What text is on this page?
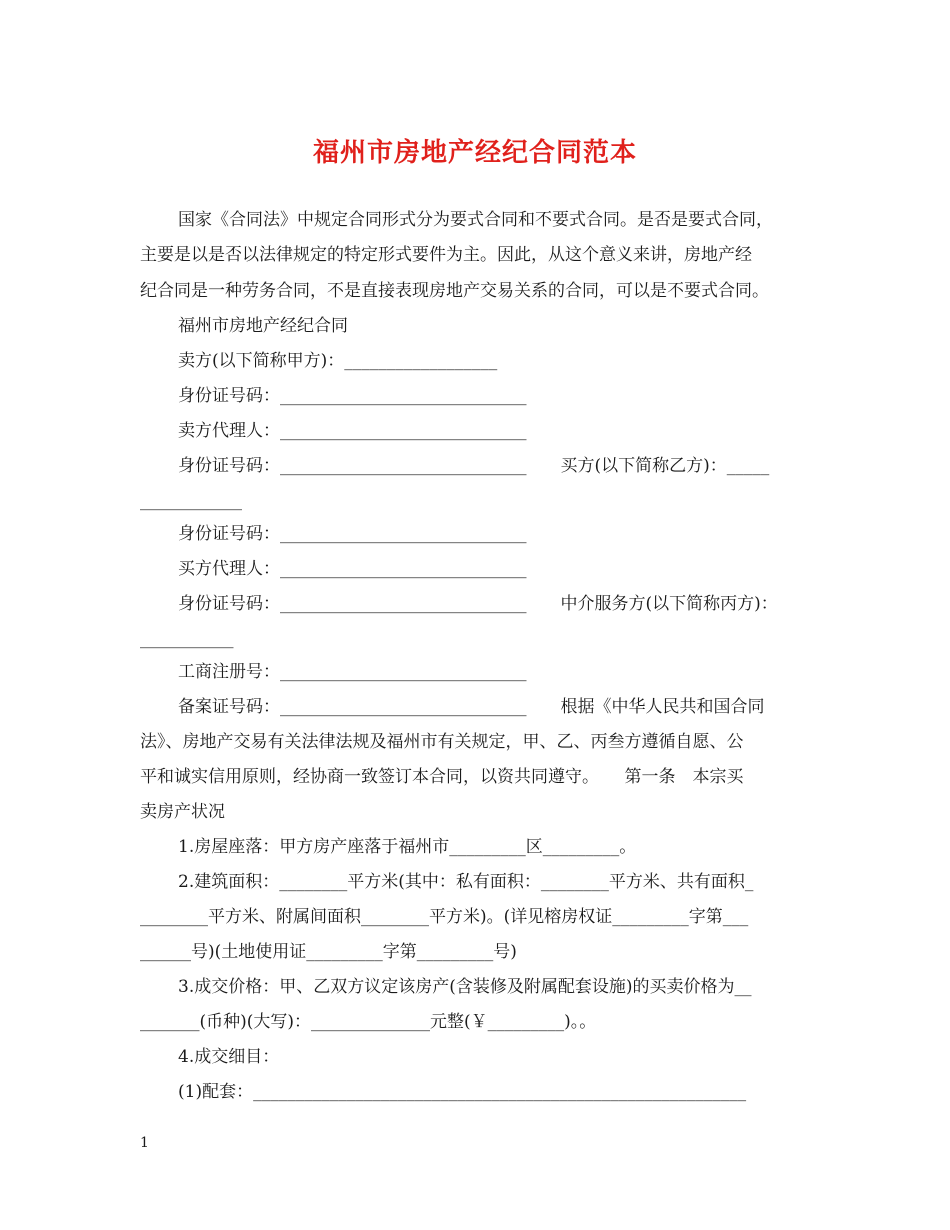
福州市房地产经纪合同范本
国家《合同法》中规定合同形式分为要式合同和不要式合同。是否是要式合同，
主要是以是否以法律规定的特定形式要件为主。因此，从这个意义来讲，房地产经
纪合同是一种劳务合同，不是直接表现房地产交易关系的合同，可以是不要式合同。
福州市房地产经纪合同
卖方(以下简称甲方)：__________________
身份证号码：_____________________________
卖方代理人：_____________________________
身份证号码：_____________________________　　买方(以下简称乙方)：_____
____________
身份证号码：_____________________________
买方代理人：_____________________________
身份证号码：_____________________________　　中介服务方(以下简称丙方)：
___________
工商注册号：_____________________________
备案证号码：_____________________________　　根据《中华人民共和国合同
法》、房地产交易有关法律法规及福州市有关规定，甲、乙、丙叁方遵循自愿、公
平和诚实信用原则，经协商一致签订本合同，以资共同遵守。　　第一条　本宗买
卖房产状况
1.房屋座落：甲方房产座落于福州市_________区_________。
2.建筑面积：________平方米(其中：私有面积：________平方米、共有面积_
________平方米、附属间面积________平方米)。(详见榕房权证_________字第___
______号)(土地使用证_________字第_________号)
3.成交价格：甲、乙双方议定该房产(含装修及附属配套设施)的买卖价格为__
_______(币种)(大写)：______________元整(￥_________)。。
4.成交细目：
(1)配套：__________________________________________________________
1
